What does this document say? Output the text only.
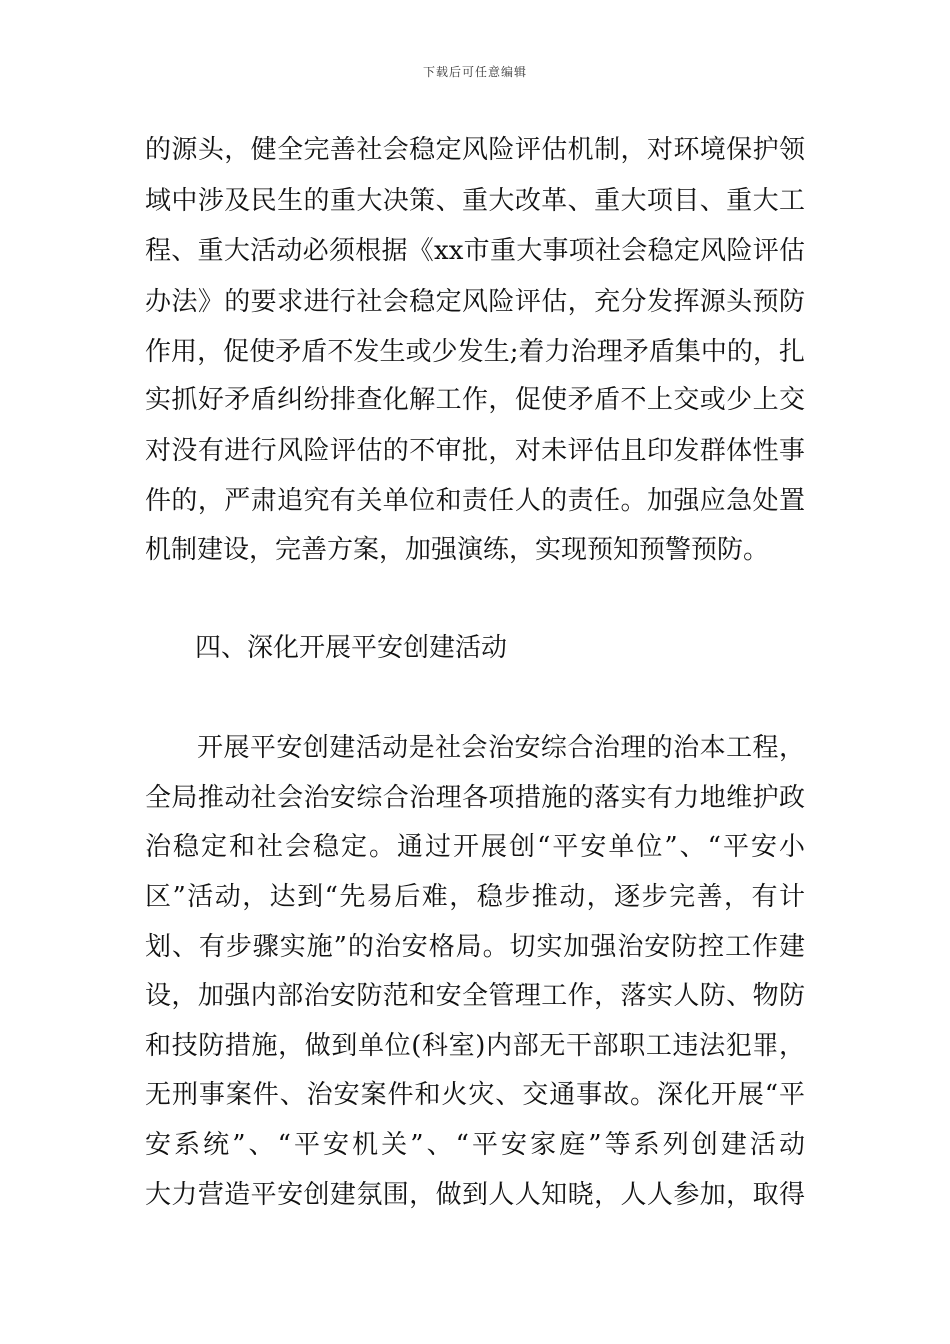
下载后可任意编辑
的源头，健全完善社会稳定风险评估机制，对环境保护领
域中涉及民生的重大决策、重大改革、重大项目、重大工
程、重大活动必须根据《xx市重大事项社会稳定风险评估
办法》的要求进行社会稳定风险评估，充分发挥源头预防
作用，促使矛盾不发生或少发生;着力治理矛盾集中的，扎
实抓好矛盾纠纷排查化解工作，促使矛盾不上交或少上交
对没有进行风险评估的不审批，对未评估且印发群体性事
件的，严肃追究有关单位和责任人的责任。加强应急处置
机制建设，完善方案，加强演练，实现预知预警预防。
四、深化开展平安创建活动
开展平安创建活动是社会治安综合治理的治本工程，
全局推动社会治安综合治理各项措施的落实有力地维护政
治稳定和社会稳定。通过开展创“平安单位”、“平安小
区”活动，达到“先易后难，稳步推动，逐步完善，有计
划、有步骤实施”的治安格局。切实加强治安防控工作建
设，加强内部治安防范和安全管理工作，落实人防、物防
和技防措施，做到单位(科室)内部无干部职工违法犯罪，
无刑事案件、治安案件和火灾、交通事故。深化开展“平
安系统”、“平安机关”、“平安家庭”等系列创建活动
大力营造平安创建氛围，做到人人知晓，人人参加，取得
